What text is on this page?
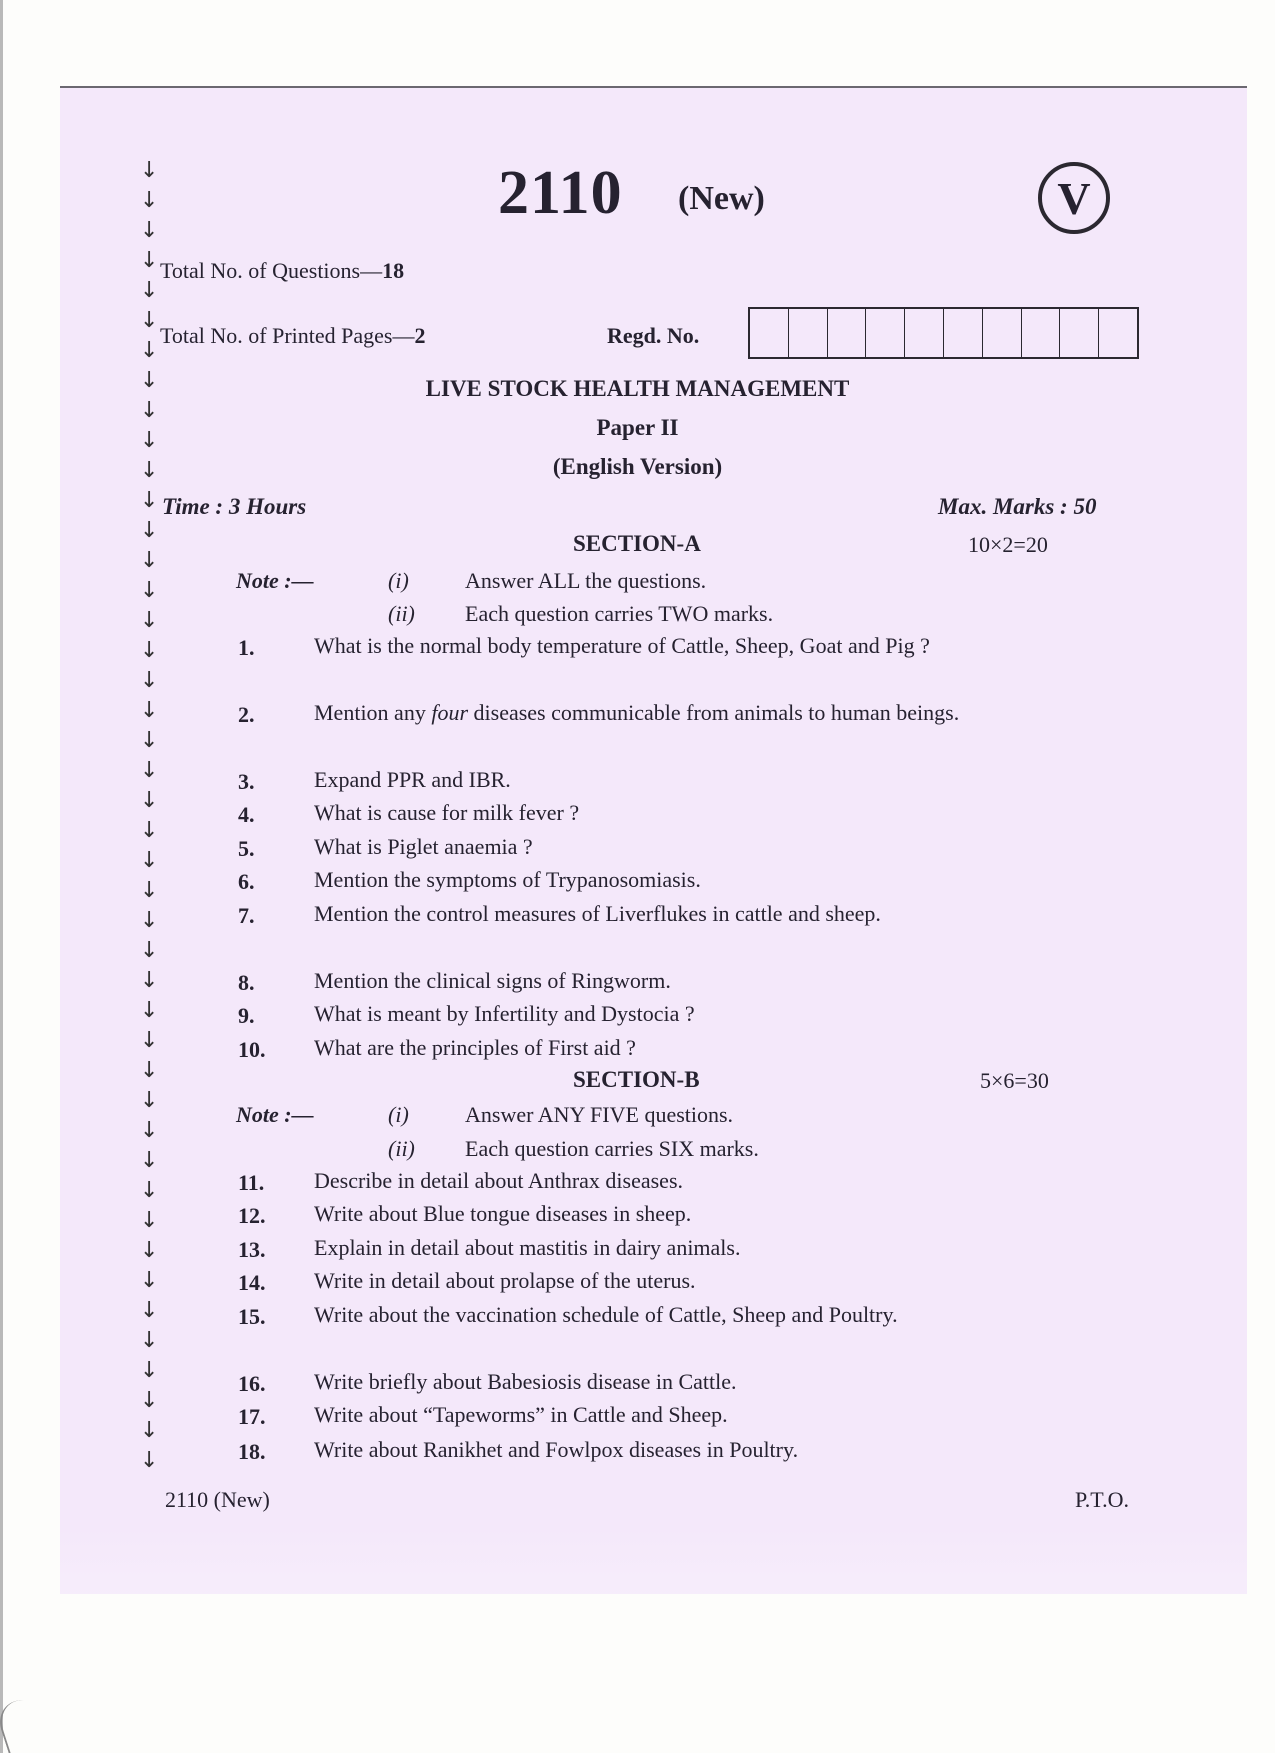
↓
↓
↓
↓
↓
↓
↓
↓
↓
↓
↓
↓
↓
↓
↓
↓
↓
↓
↓
↓
↓
↓
↓
↓
↓
↓
↓
↓
↓
↓
↓
↓
↓
↓
↓
↓
↓
↓
↓
↓
↓
↓
↓
↓
2110 (New)	V
Total No. of Questions—18
Total No. of Printed Pages—2	Regd. No.
LIVE STOCK HEALTH MANAGEMENT
Paper II
(English Version)
Time : 3 Hours	Max. Marks : 50
SECTION-A	10×2=20
Note :—	(i)	Answer ALL the questions.
(ii) Each question carries TWO marks.
1.	What is the normal body temperature of Cattle, Sheep, Goat and Pig ?
2.	Mention any four diseases communicable from animals to human beings.
3.	Expand PPR and IBR.
4.	What is cause for milk fever ?
5.	What is Piglet anaemia ?
6.	Mention the symptoms of Trypanosomiasis.
7.	Mention the control measures of Liverflukes in cattle and sheep.
8.	Mention the clinical signs of Ringworm.
9.	What is meant by Infertility and Dystocia ?
10. What are the principles of First aid ?
SECTION-B	5×6=30
Note :—	(i)	Answer ANY FIVE questions.
(ii) Each question carries SIX marks.
11. Describe in detail about Anthrax diseases.
12. Write about Blue tongue diseases in sheep.
13. Explain in detail about mastitis in dairy animals.
14. Write in detail about prolapse of the uterus.
15. Write about the vaccination schedule of Cattle, Sheep and Poultry.
16. Write briefly about Babesiosis disease in Cattle.
17. Write about “Tapeworms” in Cattle and Sheep.
18. Write about Ranikhet and Fowlpox diseases in Poultry.
2110 (New)	P.T.O.
